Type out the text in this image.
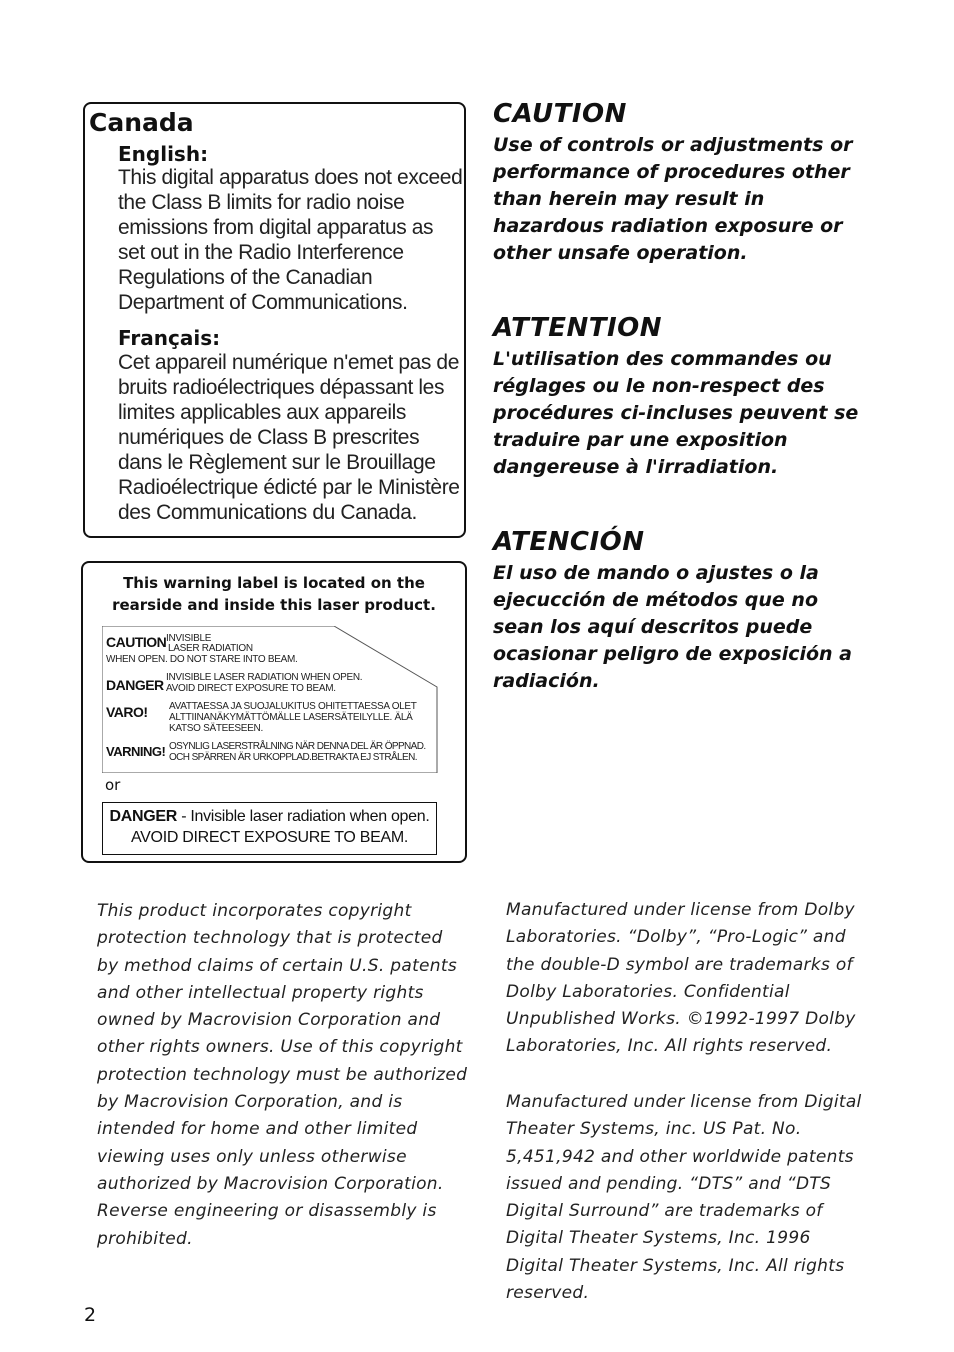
Canada
English:
This digital apparatus does not exceed the Class B limits for radio noise emissions from digital apparatus as set out in the Radio Interference Regulations of the Canadian Department of Communications.
Français:
Cet appareil numérique n'emet pas de bruits radioélectriques dépassant les limites applicables aux appareils numériques de Class B prescrites dans le Règlement sur le Brouillage Radioélectrique édicté par le Ministère des Communications du Canada.
This warning label is located on the rearside and inside this laser product.
CAUTION INVISIBLE
LASER RADIATION
WHEN OPEN. DO NOT STARE INTO BEAM.
DANGER INVISIBLE LASER RADIATION WHEN OPEN.
AVOID DIRECT EXPOSURE TO BEAM.
VARO! AVATTAESSA JA SUOJALUKITUS OHITETTAESSA OLET
ALTTIINANÄKYMÄTTÖMÄLLE LASERSÄTEILYLLE. ÄLÄ
KATSO SÄTEESEEN.
VARNING! OSYNLIG LASERSTRÅLNING NÄR DENNA DEL ÄR ÖPPNAD.
OCH SPÄRREN ÄR URKOPPLAD.BETRAKTA EJ STRÅLEN.
or
DANGER - Invisible laser radiation when open.
AVOID DIRECT EXPOSURE TO BEAM.
CAUTION
Use of controls or adjustments or performance of procedures other than herein may result in hazardous radiation exposure or other unsafe operation.
ATTENTION
L'utilisation des commandes ou réglages ou le non-respect des procédures ci-incluses peuvent se traduire par une exposition dangereuse à l'irradiation.
ATENCIÓN
El uso de mando o ajustes o la ejecucción de métodos que no sean los aquí descritos puede ocasionar peligro de exposición a radiación.
This product incorporates copyright protection technology that is protected by method claims of certain U.S. patents and other intellectual property rights owned by Macrovision Corporation and other rights owners. Use of this copyright protection technology must be authorized by Macrovision Corporation, and is intended for home and other limited viewing uses only unless otherwise authorized by Macrovision Corporation. Reverse engineering or disassembly is prohibited.
Manufactured under license from Dolby Laboratories. “Dolby”, “Pro-Logic” and the double-D symbol are trademarks of Dolby Laboratories. Confidential Unpublished Works. ©1992-1997 Dolby Laboratories, Inc. All rights reserved.
Manufactured under license from Digital Theater Systems, inc. US Pat. No. 5,451,942 and other worldwide patents issued and pending. “DTS” and “DTS Digital Surround” are trademarks of Digital Theater Systems, Inc. 1996 Digital Theater Systems, Inc. All rights reserved.
2
